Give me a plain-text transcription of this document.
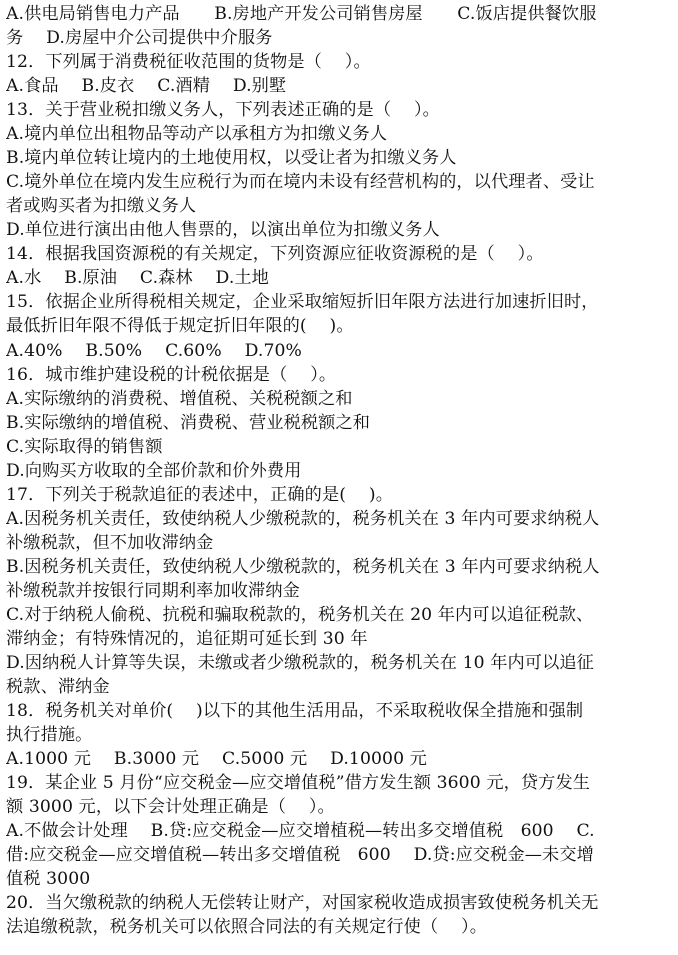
A.供电局销售电力产品　　B.房地产开发公司销售房屋　　C.饭店提供餐饮服
务　 D.房屋中介公司提供中介服务
12．下列属于消费税征收范围的货物是（　 ）。
A.食品　 B.皮衣　 C.酒精　 D.别墅
13．关于营业税扣缴义务人，下列表述正确的是（　 ）。
A.境内单位出租物品等动产以承租方为扣缴义务人
B.境内单位转让境内的土地使用权，以受让者为扣缴义务人
C.境外单位在境内发生应税行为而在境内未设有经营机构的，以代理者、受让
者或购买者为扣缴义务人
D.单位进行演出由他人售票的，以演出单位为扣缴义务人
14．根据我国资源税的有关规定，下列资源应征收资源税的是（　 ）。
A.水　 B.原油　 C.森林　 D.土地
15．依据企业所得税相关规定，企业采取缩短折旧年限方法进行加速折旧时，
最低折旧年限不得低于规定折旧年限的(　 )。
A.40%　 B.50%　 C.60%　 D.70%
16．城市维护建设税的计税依据是（　 ）。
A.实际缴纳的消费税、增值税、关税税额之和
B.实际缴纳的增值税、消费税、营业税税额之和
C.实际取得的销售额
D.向购买方收取的全部价款和价外费用
17．下列关于税款追征的表述中，正确的是(　 )。
A.因税务机关责任，致使纳税人少缴税款的，税务机关在 3 年内可要求纳税人
补缴税款，但不加收滞纳金
B.因税务机关责任，致使纳税人少缴税款的，税务机关在 3 年内可要求纳税人
补缴税款并按银行同期利率加收滞纳金
C.对于纳税人偷税、抗税和骗取税款的，税务机关在 20 年内可以追征税款、
滞纳金；有特殊情况的，追征期可延长到 30 年
D.因纳税人计算等失误，未缴或者少缴税款的，税务机关在 10 年内可以追征
税款、滞纳金
18．税务机关对单价(　 )以下的其他生活用品，不采取税收保全措施和强制
执行措施。
A.1000 元　 B.3000 元　 C.5000 元　 D.10000 元
19．某企业 5 月份“应交税金—应交增值税”借方发生额 3600 元，贷方发生
额 3000 元，以下会计处理正确是（　 ）。
A.不做会计处理　 B.贷:应交税金—应交增植税—转出多交增值税　600　 C.
借:应交税金—应交增值税—转出多交增值税　600　 D.贷:应交税金—未交增
值税 3000
20．当欠缴税款的纳税人无偿转让财产，对国家税收造成损害致使税务机关无
法追缴税款，税务机关可以依照合同法的有关规定行使（　 ）。
